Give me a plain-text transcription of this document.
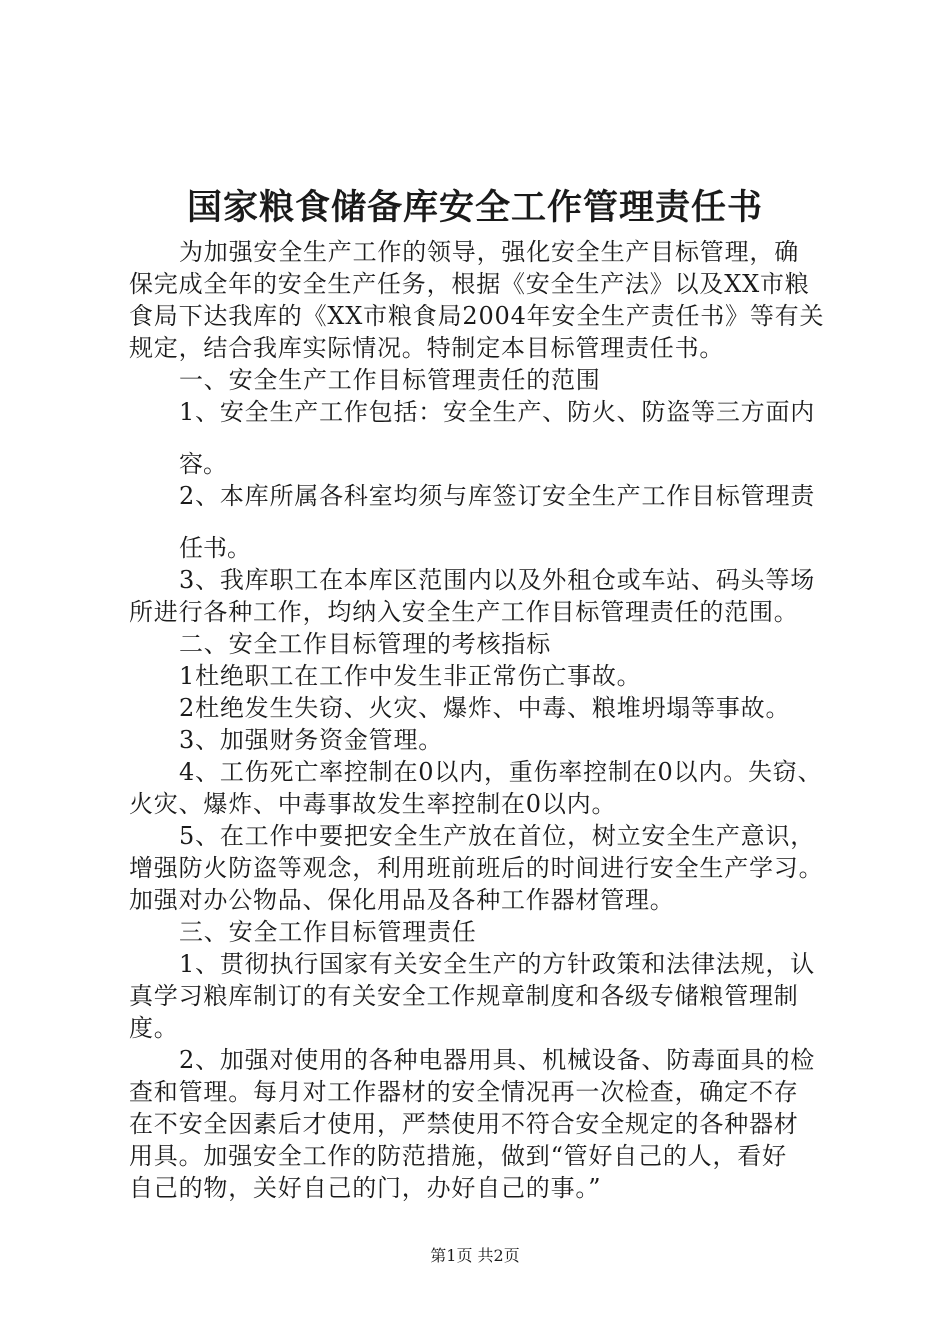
国家粮食储备库安全工作管理责任书

为加强安全生产工作的领导，强化安全生产目标管理，确
保完成全年的安全生产任务，根据《安全生产法》以及XX市粮
食局下达我库的《XX市粮食局2004年安全生产责任书》等有关
规定，结合我库实际情况。特制定本目标管理责任书。

一、安全生产工作目标管理责任的范围

1、安全生产工作包括：安全生产、防火、防盗等三方面内
容。

2、本库所属各科室均须与库签订安全生产工作目标管理责
任书。

3、我库职工在本库区范围内以及外租仓或车站、码头等场
所进行各种工作，均纳入安全生产工作目标管理责任的范围。

二、安全工作目标管理的考核指标

1杜绝职工在工作中发生非正常伤亡事故。

2杜绝发生失窃、火灾、爆炸、中毒、粮堆坍塌等事故。

3、加强财务资金管理。

4、工伤死亡率控制在0以内，重伤率控制在0以内。失窃、
火灾、爆炸、中毒事故发生率控制在0以内。

5、在工作中要把安全生产放在首位，树立安全生产意识，
增强防火防盗等观念，利用班前班后的时间进行安全生产学习。
加强对办公物品、保化用品及各种工作器材管理。

三、安全工作目标管理责任

1、贯彻执行国家有关安全生产的方针政策和法律法规，认
真学习粮库制订的有关安全工作规章制度和各级专储粮管理制
度。

2、加强对使用的各种电器用具、机械设备、防毒面具的检
查和管理。每月对工作器材的安全情况再一次检查，确定不存
在不安全因素后才使用，严禁使用不符合安全规定的各种器材
用具。加强安全工作的防范措施，做到“管好自己的人，看好
自己的物，关好自己的门，办好自己的事。”

第1页 共2页
